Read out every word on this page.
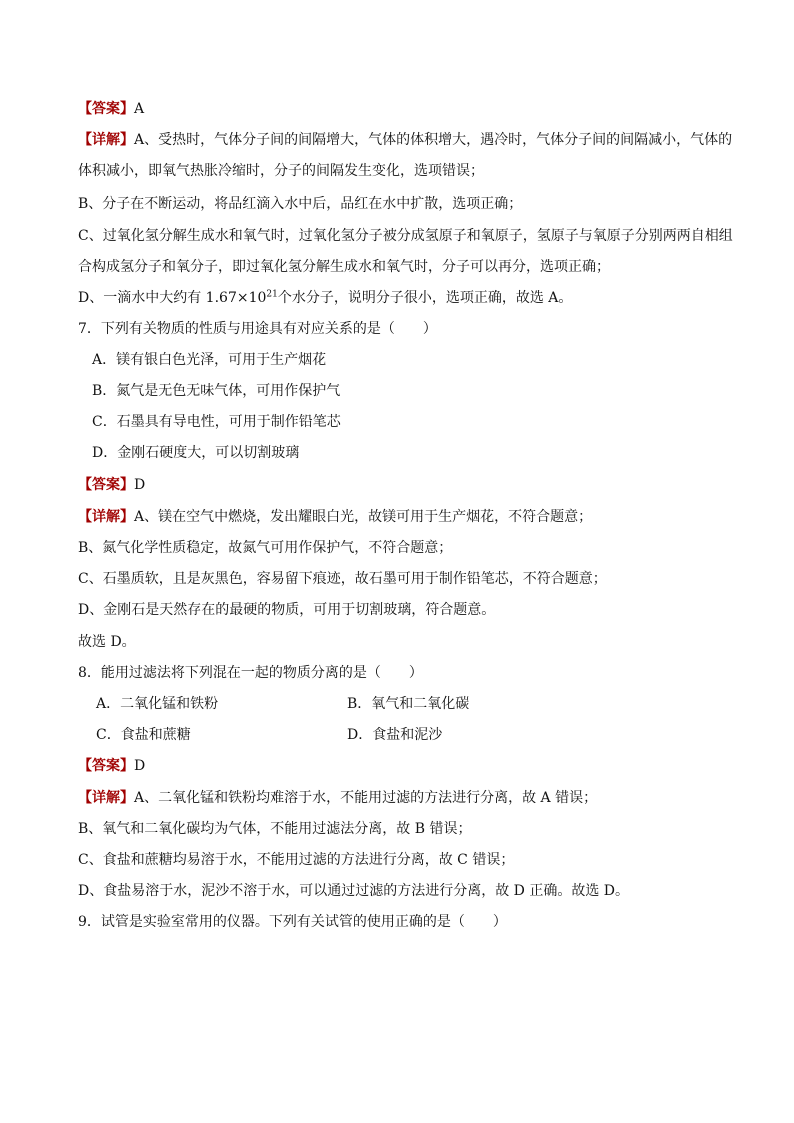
【答案】A
【详解】A、受热时，气体分子间的间隔增大，气体的体积增大，遇冷时，气体分子间的间隔减小，气体的
体积减小，即氧气热胀冷缩时，分子的间隔发生变化，选项错误；
B、分子在不断运动，将品红滴入水中后，品红在水中扩散，选项正确；
C、过氧化氢分解生成水和氧气时，过氧化氢分子被分成氢原子和氧原子，氢原子与氧原子分别两两自相组
合构成氢分子和氧分子，即过氧化氢分解生成水和氧气时，分子可以再分，选项正确；
D、一滴水中大约有 $1.67\times 10^{21}$个水分子，说明分子很小，选项正确，故选 A。
7．下列有关物质的性质与用途具有对应关系的是（　　）
A．镁有银白色光泽，可用于生产烟花
B．氮气是无色无味气体，可用作保护气
C．石墨具有导电性，可用于制作铅笔芯
D．金刚石硬度大，可以切割玻璃
【答案】D
【详解】A、镁在空气中燃烧，发出耀眼白光，故镁可用于生产烟花，不符合题意；
B、氮气化学性质稳定，故氮气可用作保护气，不符合题意；
C、石墨质软，且是灰黑色，容易留下痕迹，故石墨可用于制作铅笔芯，不符合题意；
D、金刚石是天然存在的最硬的物质，可用于切割玻璃，符合题意。
故选 D。
8．能用过滤法将下列混在一起的物质分离的是（　　）
A．二氧化锰和铁粉	B．氧气和二氧化碳
C．食盐和蔗糖	D．食盐和泥沙
【答案】D
【详解】A、二氧化锰和铁粉均难溶于水，不能用过滤的方法进行分离，故 A 错误；
B、氧气和二氧化碳均为气体，不能用过滤法分离，故 B 错误；
C、食盐和蔗糖均易溶于水，不能用过滤的方法进行分离，故 C 错误；
D、食盐易溶于水，泥沙不溶于水，可以通过过滤的方法进行分离，故 D 正确。故选 D。
9．试管是实验室常用的仪器。下列有关试管的使用正确的是（　　）
